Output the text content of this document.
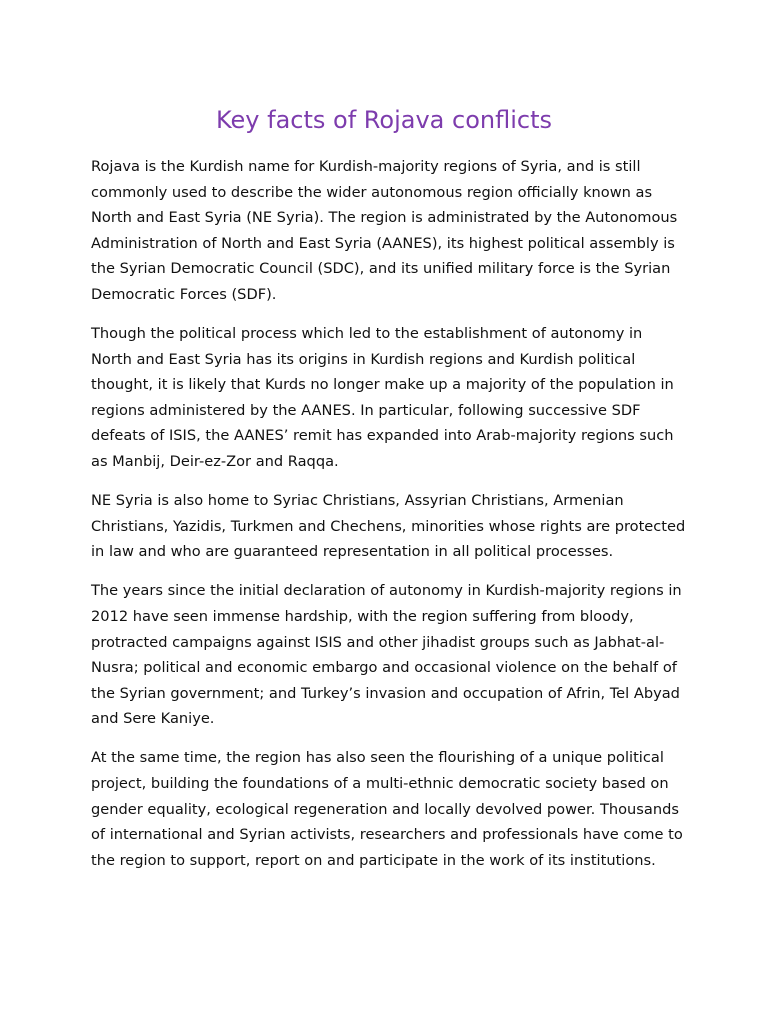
Key facts of Rojava conflicts

Rojava is the Kurdish name for Kurdish-majority regions of Syria, and is still commonly used to describe the wider autonomous region officially known as North and East Syria (NE Syria). The region is administrated by the Autonomous Administration of North and East Syria (AANES), its highest political assembly is the Syrian Democratic Council (SDC), and its unified military force is the Syrian Democratic Forces (SDF).

Though the political process which led to the establishment of autonomy in North and East Syria has its origins in Kurdish regions and Kurdish political thought, it is likely that Kurds no longer make up a majority of the population in regions administered by the AANES. In particular, following successive SDF defeats of ISIS, the AANES’ remit has expanded into Arab-majority regions such as Manbij, Deir-ez-Zor and Raqqa.

NE Syria is also home to Syriac Christians, Assyrian Christians, Armenian Christians, Yazidis, Turkmen and Chechens, minorities whose rights are protected in law and who are guaranteed representation in all political processes.

The years since the initial declaration of autonomy in Kurdish-majority regions in 2012 have seen immense hardship, with the region suffering from bloody, protracted campaigns against ISIS and other jihadist groups such as Jabhat-al-Nusra; political and economic embargo and occasional violence on the behalf of the Syrian government; and Turkey’s invasion and occupation of Afrin, Tel Abyad and Sere Kaniye.

At the same time, the region has also seen the flourishing of a unique political project, building the foundations of a multi-ethnic democratic society based on gender equality, ecological regeneration and locally devolved power. Thousands of international and Syrian activists, researchers and professionals have come to the region to support, report on and participate in the work of its institutions.
